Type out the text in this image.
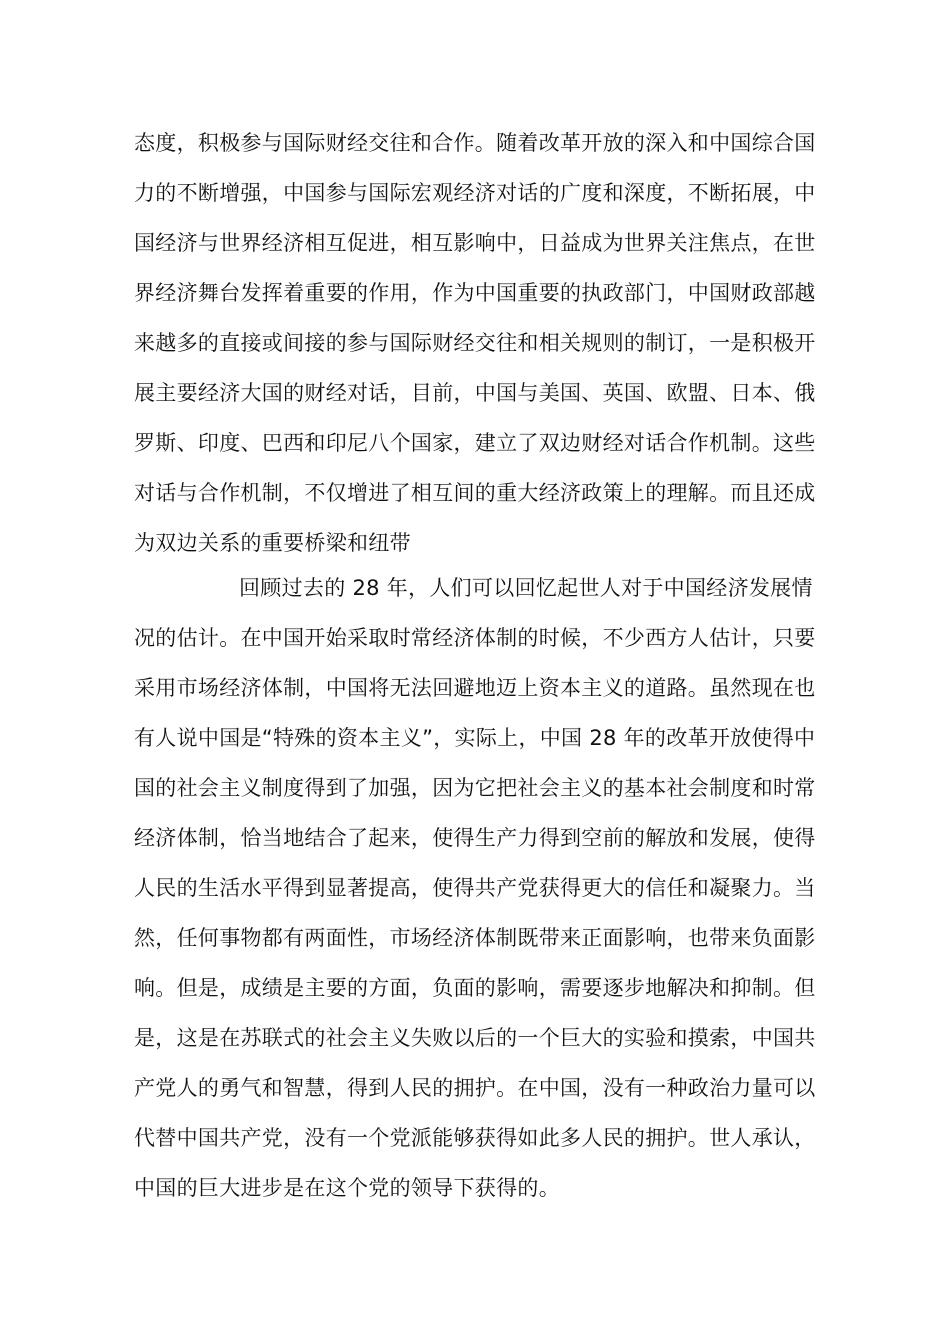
态度，积极参与国际财经交往和合作。随着改革开放的深入和中国综合国
力的不断增强，中国参与国际宏观经济对话的广度和深度，不断拓展，中
国经济与世界经济相互促进，相互影响中，日益成为世界关注焦点，在世
界经济舞台发挥着重要的作用，作为中国重要的执政部门，中国财政部越
来越多的直接或间接的参与国际财经交往和相关规则的制订，一是积极开
展主要经济大国的财经对话，目前，中国与美国、英国、欧盟、日本、俄
罗斯、印度、巴西和印尼八个国家，建立了双边财经对话合作机制。这些
对话与合作机制，不仅增进了相互间的重大经济政策上的理解。而且还成
为双边关系的重要桥梁和纽带
回顾过去的 28 年，人们可以回忆起世人对于中国经济发展情
况的估计。在中国开始采取时常经济体制的时候，不少西方人估计，只要
采用市场经济体制，中国将无法回避地迈上资本主义的道路。虽然现在也
有人说中国是“特殊的资本主义”，实际上，中国 28 年的改革开放使得中
国的社会主义制度得到了加强，因为它把社会主义的基本社会制度和时常
经济体制，恰当地结合了起来，使得生产力得到空前的解放和发展，使得
人民的生活水平得到显著提高，使得共产党获得更大的信任和凝聚力。当
然，任何事物都有两面性，市场经济体制既带来正面影响，也带来负面影
响。但是，成绩是主要的方面，负面的影响，需要逐步地解决和抑制。但
是，这是在苏联式的社会主义失败以后的一个巨大的实验和摸索，中国共
产党人的勇气和智慧，得到人民的拥护。在中国，没有一种政治力量可以
代替中国共产党，没有一个党派能够获得如此多人民的拥护。世人承认，
中国的巨大进步是在这个党的领导下获得的。
